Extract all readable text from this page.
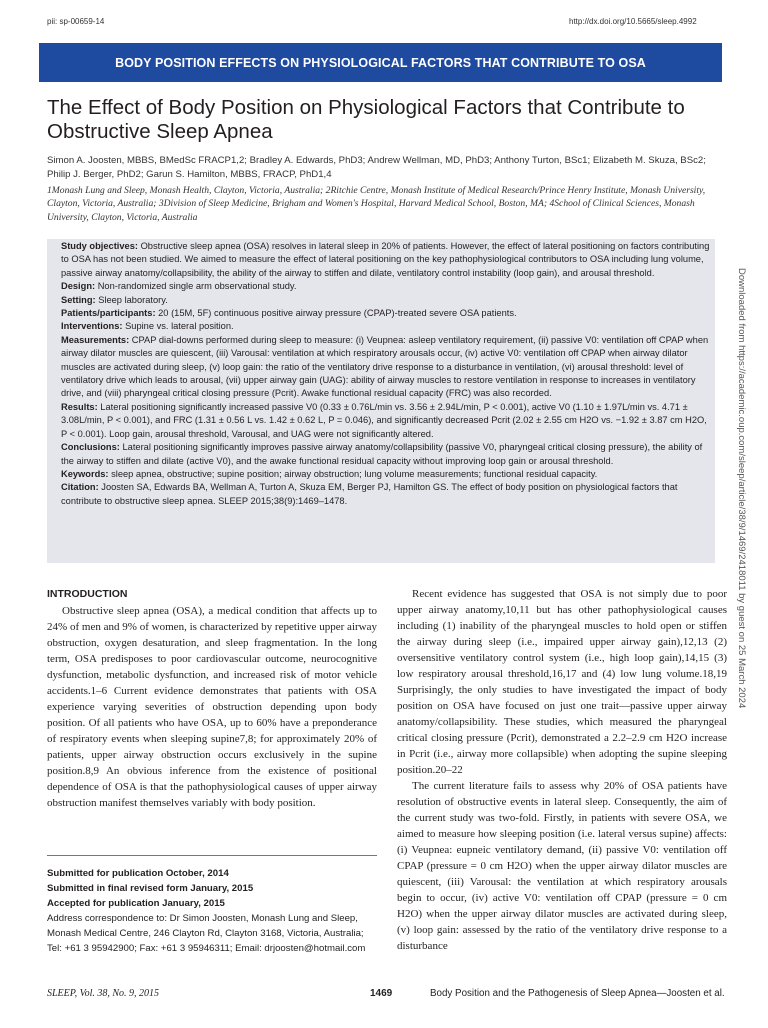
pii: sp-00659-14	http://dx.doi.org/10.5665/sleep.4992
BODY POSITION EFFECTS ON PHYSIOLOGICAL FACTORS THAT CONTRIBUTE TO OSA
The Effect of Body Position on Physiological Factors that Contribute to Obstructive Sleep Apnea
Simon A. Joosten, MBBS, BMedSc FRACP1,2; Bradley A. Edwards, PhD3; Andrew Wellman, MD, PhD3; Anthony Turton, BSc1; Elizabeth M. Skuza, BSc2; Philip J. Berger, PhD2; Garun S. Hamilton, MBBS, FRACP, PhD1,4
1Monash Lung and Sleep, Monash Health, Clayton, Victoria, Australia; 2Ritchie Centre, Monash Institute of Medical Research/Prince Henry Institute, Monash University, Clayton, Victoria, Australia; 3Division of Sleep Medicine, Brigham and Women's Hospital, Harvard Medical School, Boston, MA; 4School of Clinical Sciences, Monash University, Clayton, Victoria, Australia

Study objectives: Obstructive sleep apnea (OSA) resolves in lateral sleep in 20% of patients. However, the effect of lateral positioning on factors contributing to OSA has not been studied. We aimed to measure the effect of lateral positioning on the key pathophysiological contributors to OSA including lung volume, passive airway anatomy/collapsibility, the ability of the airway to stiffen and dilate, ventilatory control instability (loop gain), and arousal threshold.

Design: Non-randomized single arm observational study.

Setting: Sleep laboratory.

Patients/participants: 20 (15M, 5F) continuous positive airway pressure (CPAP)-treated severe OSA patients.

Interventions: Supine vs. lateral position.

Measurements: CPAP dial-downs performed during sleep to measure: (i) Veupnea: asleep ventilatory requirement, (ii) passive V0: ventilation off CPAP when airway dilator muscles are quiescent, (iii) Varousal: ventilation at which respiratory arousals occur, (iv) active V0: ventilation off CPAP when airway dilator muscles are activated during sleep, (v) loop gain: the ratio of the ventilatory drive response to a disturbance in ventilation, (vi) arousal threshold: level of ventilatory drive which leads to arousal, (vii) upper airway gain (UAG): ability of airway muscles to restore ventilation in response to increases in ventilatory drive, and (viii) pharyngeal critical closing pressure (Pcrit). Awake functional residual capacity (FRC) was also recorded.

Results: Lateral positioning significantly increased passive V0 (0.33 ± 0.76L/min vs. 3.56 ± 2.94L/min, P < 0.001), active V0 (1.10 ± 1.97L/min vs. 4.71 ± 3.08L/min, P < 0.001), and FRC (1.31 ± 0.56 L vs. 1.42 ± 0.62 L, P = 0.046), and significantly decreased Pcrit (2.02 ± 2.55 cm H2O vs. −1.92 ± 3.87 cm H2O, P < 0.001). Loop gain, arousal threshold, Varousal, and UAG were not significantly altered.

Conclusions: Lateral positioning significantly improves passive airway anatomy/collapsibility (passive V0, pharyngeal critical closing pressure), the ability of the airway to stiffen and dilate (active V0), and the awake functional residual capacity without improving loop gain or arousal threshold.

Keywords: sleep apnea, obstructive; supine position; airway obstruction; lung volume measurements; functional residual capacity.

Citation: Joosten SA, Edwards BA, Wellman A, Turton A, Skuza EM, Berger PJ, Hamilton GS. The effect of body position on physiological factors that contribute to obstructive sleep apnea. SLEEP 2015;38(9):1469–1478.

INTRODUCTION

Obstructive sleep apnea (OSA), a medical condition that affects up to 24% of men and 9% of women, is characterized by repetitive upper airway obstruction, oxygen desaturation, and sleep fragmentation. In the long term, OSA predisposes to poor cardiovascular outcome, neurocognitive dysfunction, metabolic dysfunction, and increased risk of motor vehicle accidents.1–6 Current evidence demonstrates that patients with OSA experience varying severities of obstruction depending upon body position. Of all patients who have OSA, up to 60% have a preponderance of respiratory events when sleeping supine7,8; for approximately 20% of patients, upper airway obstruction occurs exclusively in the supine position.8,9 An obvious inference from the existence of positional dependence of OSA is that the pathophysiological causes of upper airway obstruction manifest themselves variably with body position.

Submitted for publication October, 2014
Submitted in final revised form January, 2015
Accepted for publication January, 2015
Address correspondence to: Dr Simon Joosten, Monash Lung and Sleep, Monash Medical Centre, 246 Clayton Rd, Clayton 3168, Victoria, Australia; Tel: +61 3 95942900; Fax: +61 3 95946311; Email: drjoosten@hotmail.com

Recent evidence has suggested that OSA is not simply due to poor upper airway anatomy,10,11 but has other pathophysiological causes including (1) inability of the pharyngeal muscles to hold open or stiffen the airway during sleep (i.e., impaired upper airway gain),12,13 (2) oversensitive ventilatory control system (i.e., high loop gain),14,15 (3) low respiratory arousal threshold,16,17 and (4) low lung volume.18,19 Surprisingly, the only studies to have investigated the impact of body position on OSA have focused on just one trait—passive upper airway anatomy/collapsibility. These studies, which measured the pharyngeal critical closing pressure (Pcrit), demonstrated a 2.2–2.9 cm H2O increase in Pcrit (i.e., airway more collapsible) when adopting the supine sleeping position.20–22

The current literature fails to assess why 20% of OSA patients have resolution of obstructive events in lateral sleep. Consequently, the aim of the current study was two-fold. Firstly, in patients with severe OSA, we aimed to measure how sleeping position (i.e. lateral versus supine) affects: (i) Veupnea: eupneic ventilatory demand, (ii) passive V0: ventilation off CPAP (pressure = 0 cm H2O) when the upper airway dilator muscles are quiescent, (iii) Varousal: the ventilation at which respiratory arousals begin to occur, (iv) active V0: ventilation off CPAP (pressure = 0 cm H2O) when the upper airway dilator muscles are activated during sleep, (v) loop gain: assessed by the ratio of the ventilatory drive response to a disturbance

Downloaded from https://academic.oup.com/sleep/article/38/9/1469/2418011 by guest on 25 March 2024
SLEEP, Vol. 38, No. 9, 2015	1469	Body Position and the Pathogenesis of Sleep Apnea—Joosten et al.
